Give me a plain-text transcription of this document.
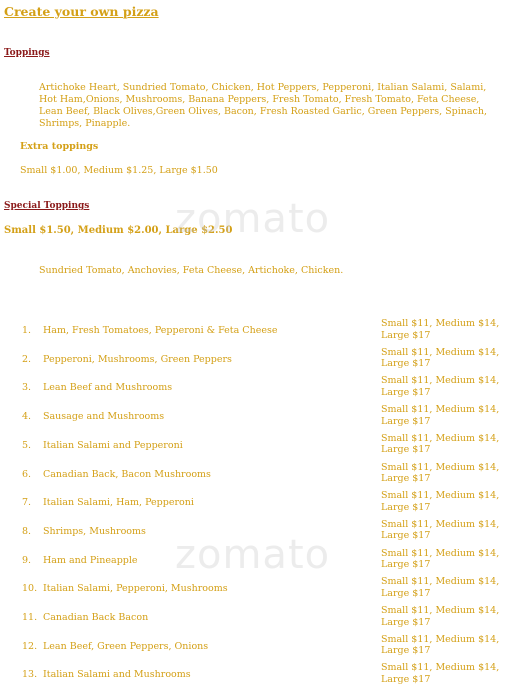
Create your own pizza
Toppings
Artichoke Heart, Sundried Tomato, Chicken, Hot Peppers, Pepperoni, Italian Salami, Salami, Hot Ham,Onions, Mushrooms, Banana Peppers, Fresh Tomato, Fresh Tomato, Feta Cheese, Lean Beef, Black Olives,Green Olives, Bacon, Fresh Roasted Garlic, Green Peppers, Spinach, Shrimps, Pinapple.
Extra toppings
Small $1.00, Medium $1.25, Large $1.50
Special Toppings
Small $1.50, Medium $2.00, Large $2.50
Sundried Tomato, Anchovies, Feta Cheese, Artichoke, Chicken.
zomato
zomato
1. Ham, Fresh Tomatoes, Pepperoni & Feta Cheese
Small $11, Medium $14, Large $17
2. Pepperoni, Mushrooms, Green Peppers
Small $11, Medium $14, Large $17
3. Lean Beef and Mushrooms
Small $11, Medium $14, Large $17
4. Sausage and Mushrooms
Small $11, Medium $14, Large $17
5. Italian Salami and Pepperoni
Small $11, Medium $14, Large $17
6. Canadian Back, Bacon Mushrooms
Small $11, Medium $14, Large $17
7. Italian Salami, Ham, Pepperoni
Small $11, Medium $14, Large $17
8. Shrimps, Mushrooms
Small $11, Medium $14, Large $17
9. Ham and Pineapple
Small $11, Medium $14, Large $17
10. Italian Salami, Pepperoni, Mushrooms
Small $11, Medium $14, Large $17
11. Canadian Back Bacon
Small $11, Medium $14, Large $17
12. Lean Beef, Green Peppers, Onions
Small $11, Medium $14, Large $17
13. Italian Salami and Mushrooms
Small $11, Medium $14, Large $17
